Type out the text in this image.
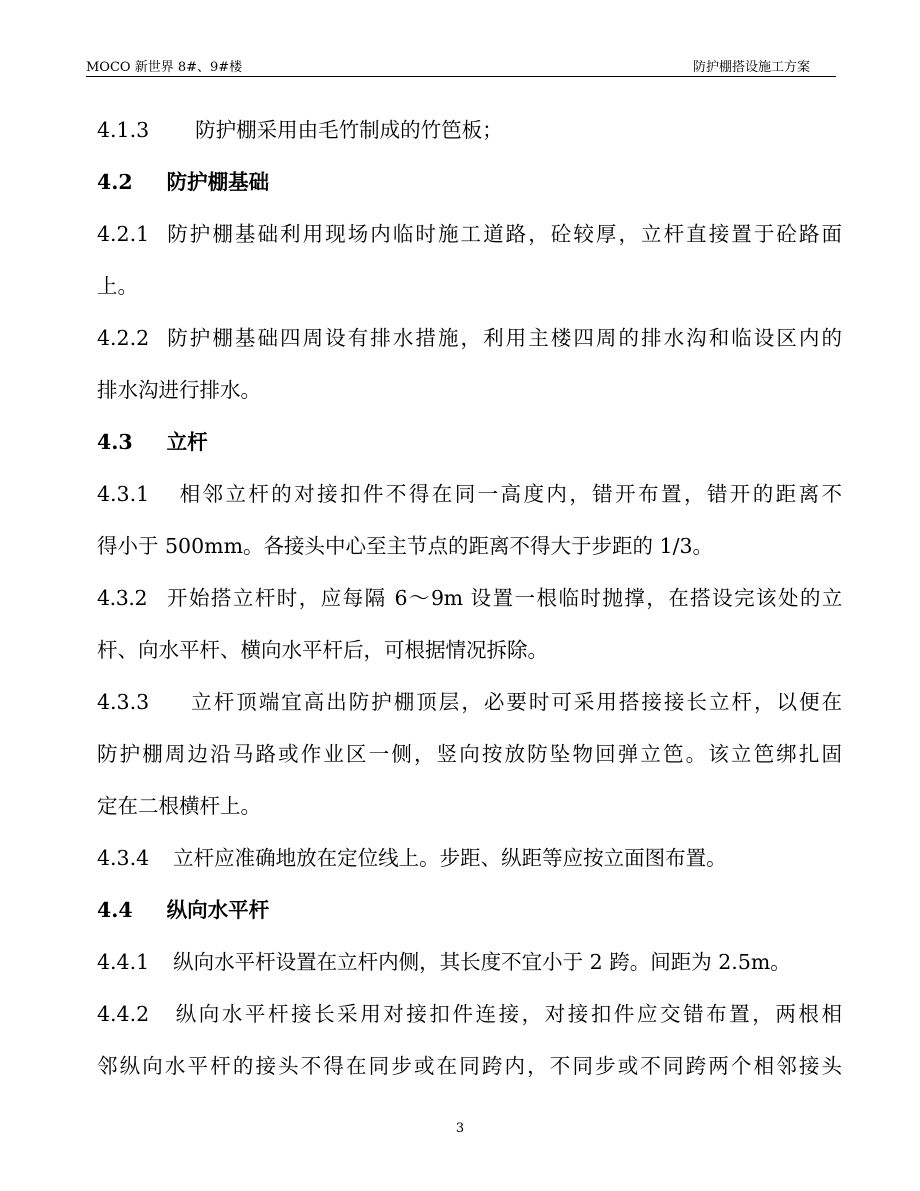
MOCO 新世界 8#、9#楼	防护棚搭设施工方案
4.1.3 防护棚采用由毛竹制成的竹笆板；
4.2 防护棚基础
4.2.1 防护棚基础利用现场内临时施工道路，砼较厚，立杆直接置于砼路面
上。
4.2.2 防护棚基础四周设有排水措施，利用主楼四周的排水沟和临设区内的
排水沟进行排水。
4.3 立杆
4.3.1 相邻立杆的对接扣件不得在同一高度内，错开布置，错开的距离不
得小于 500mm。各接头中心至主节点的距离不得大于步距的 1/3。
4.3.2 开始搭立杆时，应每隔 6～9m 设置一根临时抛撑，在搭设完该处的立
杆、向水平杆、横向水平杆后，可根据情况拆除。
4.3.3 立杆顶端宜高出防护棚顶层，必要时可采用搭接接长立杆，以便在
防护棚周边沿马路或作业区一侧，竖向按放防坠物回弹立笆。该立笆绑扎固
定在二根横杆上。
4.3.4 立杆应准确地放在定位线上。步距、纵距等应按立面图布置。
4.4 纵向水平杆
4.4.1 纵向水平杆设置在立杆内侧，其长度不宜小于 2 跨。间距为 2.5m。
4.4.2 纵向水平杆接长采用对接扣件连接，对接扣件应交错布置，两根相
邻纵向水平杆的接头不得在同步或在同跨内，不同步或不同跨两个相邻接头
3
